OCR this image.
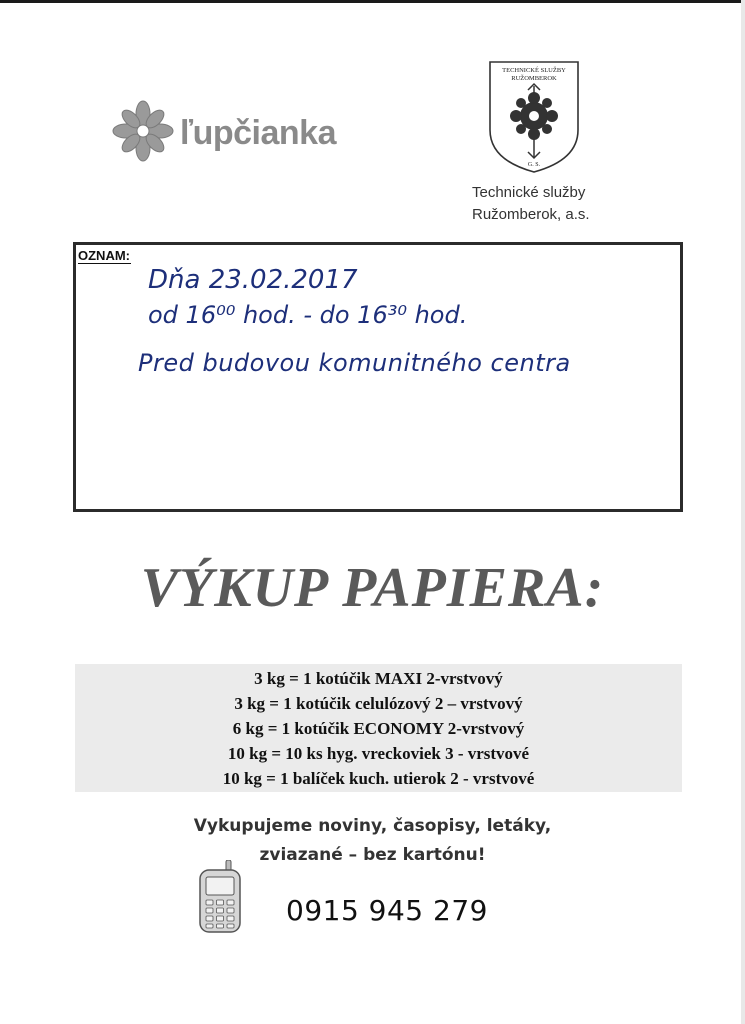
ľupčianka
TECHNICKÉ SLUŽBY
RUŽOMBEROK
G. S.
Technické služby
Ružomberok, a.s.
OZNAM:
Dňa 23.02.2017
od 16⁰⁰ hod. - do 16³⁰ hod.
Pred budovou komunitného centra
VÝKUP PAPIERA:
3 kg = 1 kotúčik MAXI 2-vrstvový
3 kg = 1 kotúčik celulózový 2 – vrstvový
6 kg = 1 kotúčik ECONOMY 2-vrstvový
10 kg = 10 ks hyg. vreckoviek 3 - vrstvové
10 kg = 1 balíček kuch. utierok 2 - vrstvové
Vykupujeme noviny, časopisy, letáky,
zviazané – bez kartónu!
0915 945 279
